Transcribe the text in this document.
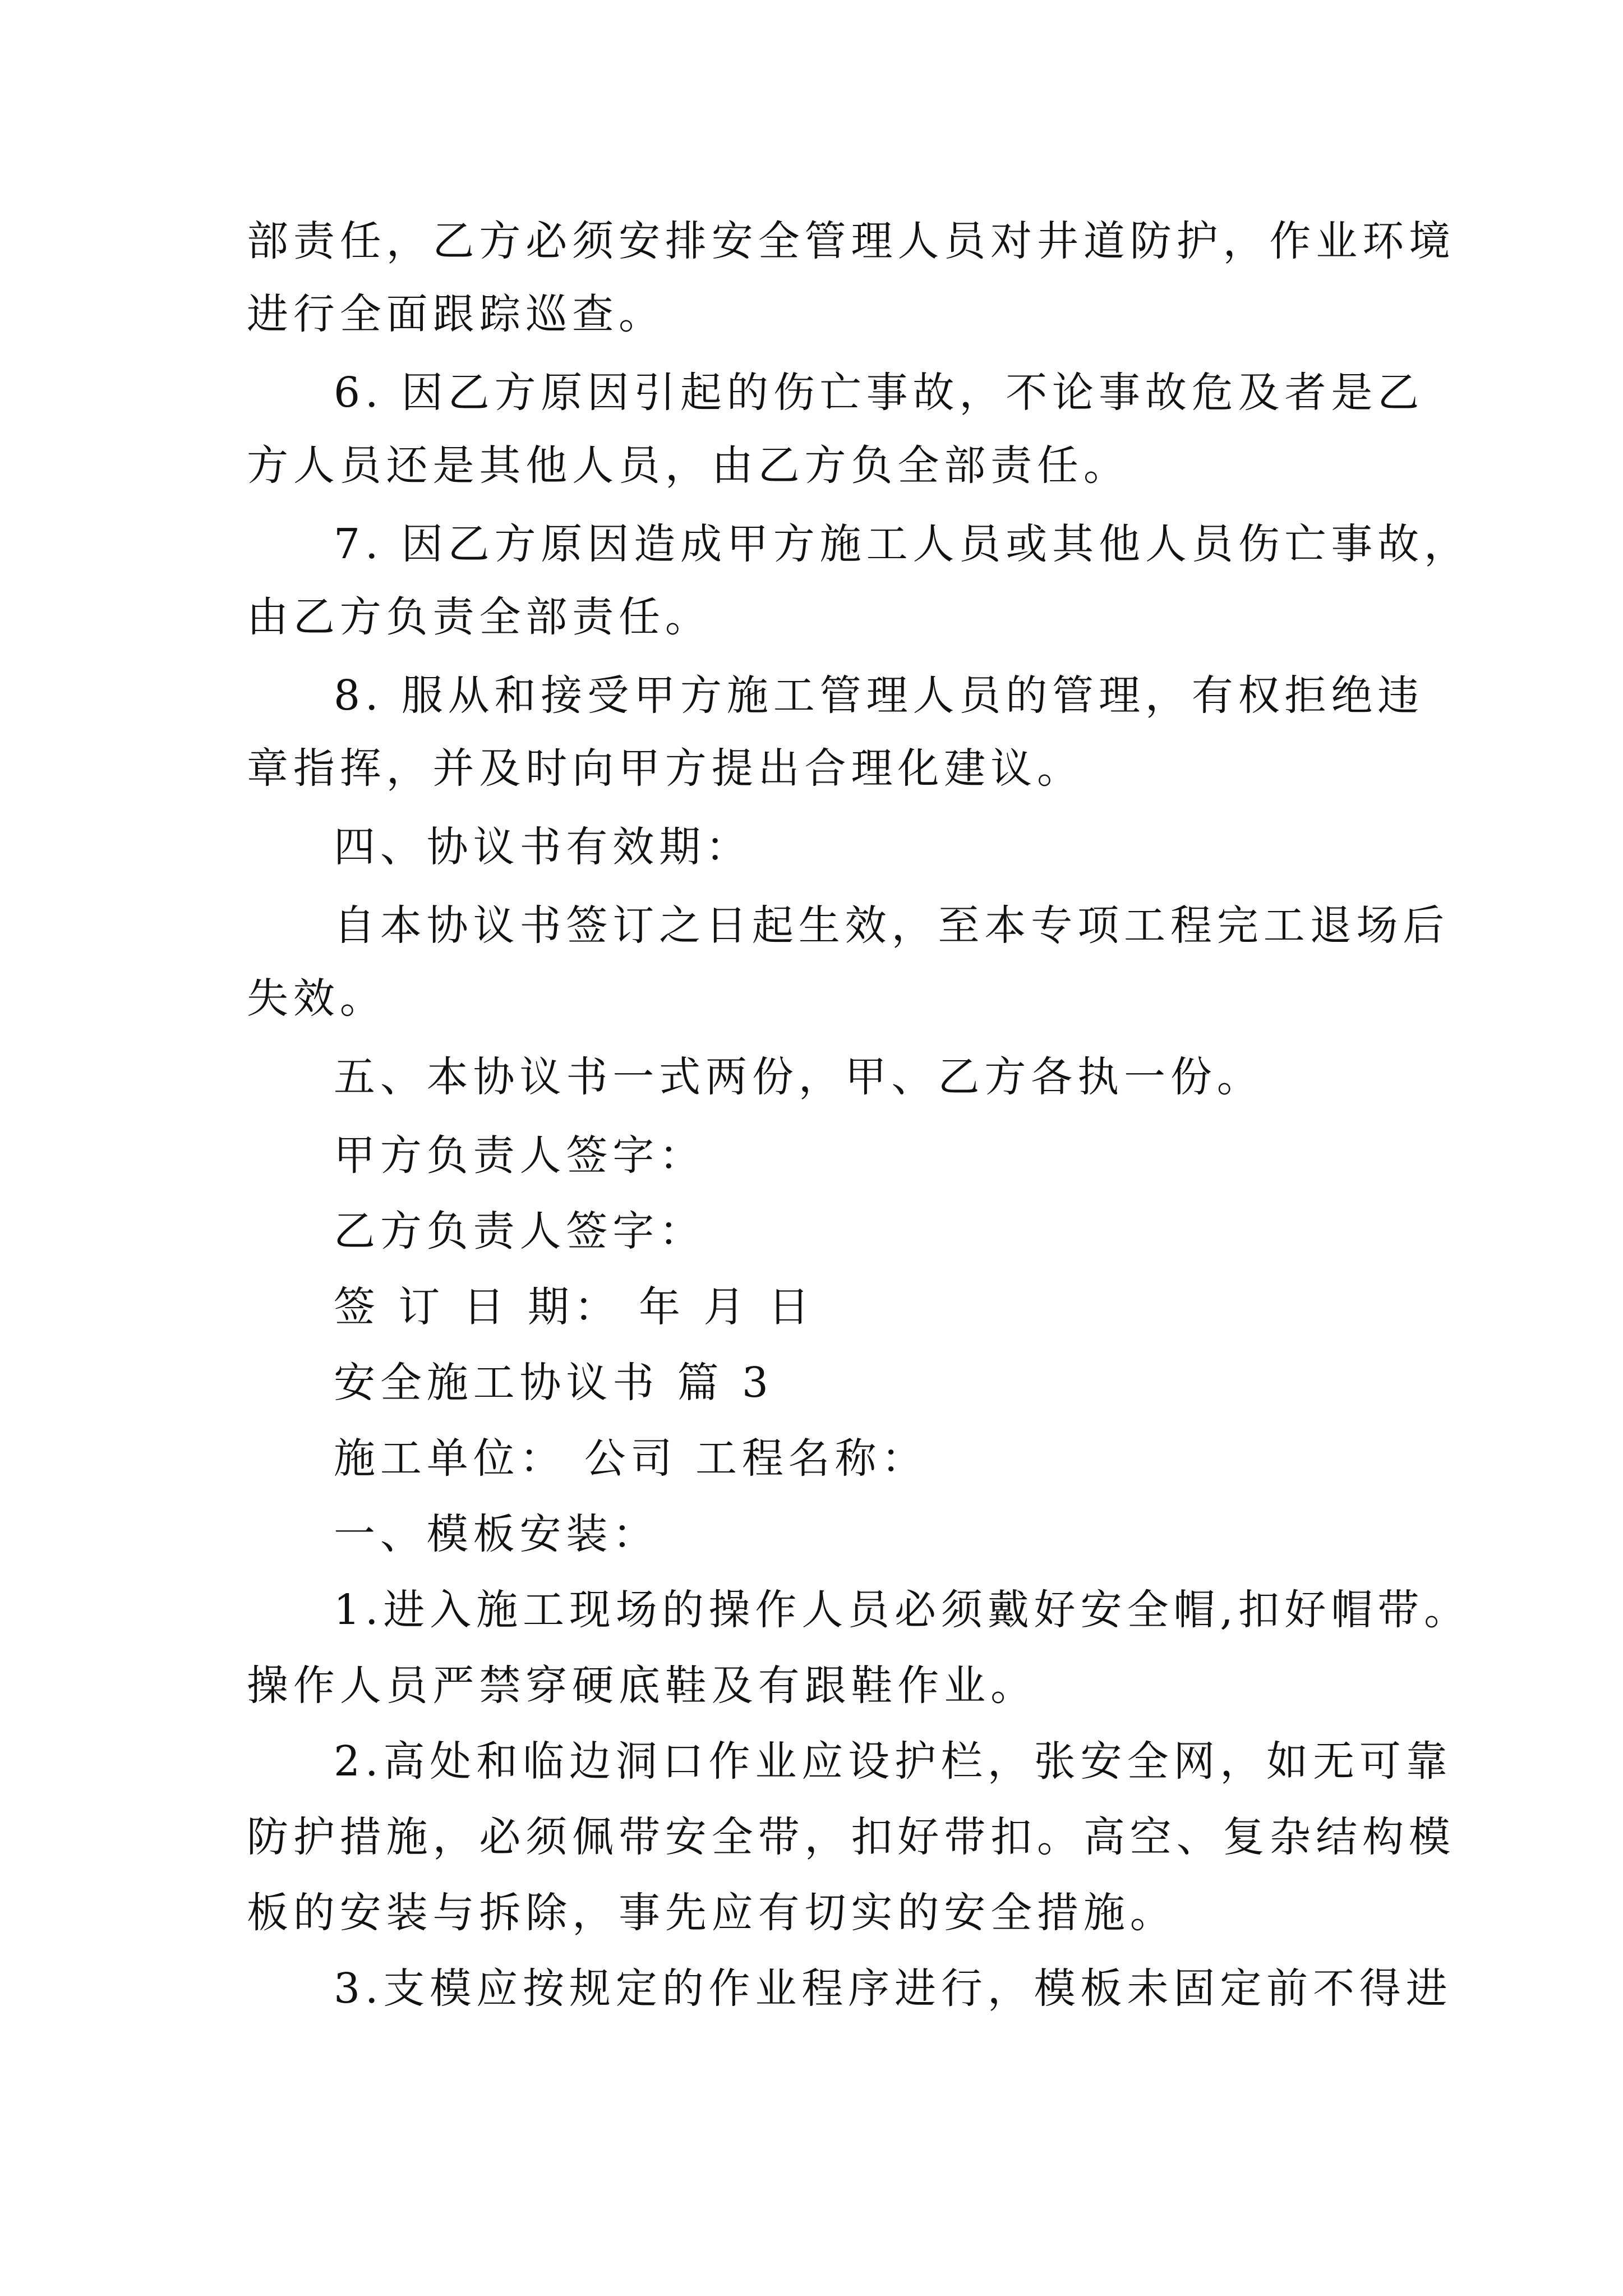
部责任，乙方必须安排安全管理人员对井道防护，作业环境
进行全面跟踪巡查。
6. 因乙方原因引起的伤亡事故，不论事故危及者是乙
方人员还是其他人员，由乙方负全部责任。
7. 因乙方原因造成甲方施工人员或其他人员伤亡事故，
由乙方负责全部责任。
8. 服从和接受甲方施工管理人员的管理，有权拒绝违
章指挥，并及时向甲方提出合理化建议。
四、协议书有效期：
自本协议书签订之日起生效，至本专项工程完工退场后
失效。
五、本协议书一式两份，甲、乙方各执一份。
甲方负责人签字：
乙方负责人签字：
签 订 日 期： 年 月 日
安全施工协议书 篇 3
施工单位： 公司 工程名称：
一、模板安装：
1.进入施工现场的操作人员必须戴好安全帽,扣好帽带。
操作人员严禁穿硬底鞋及有跟鞋作业。
2.高处和临边洞口作业应设护栏，张安全网，如无可靠
防护措施，必须佩带安全带，扣好带扣。高空、复杂结构模
板的安装与拆除，事先应有切实的安全措施。
3.支模应按规定的作业程序进行，模板未固定前不得进
